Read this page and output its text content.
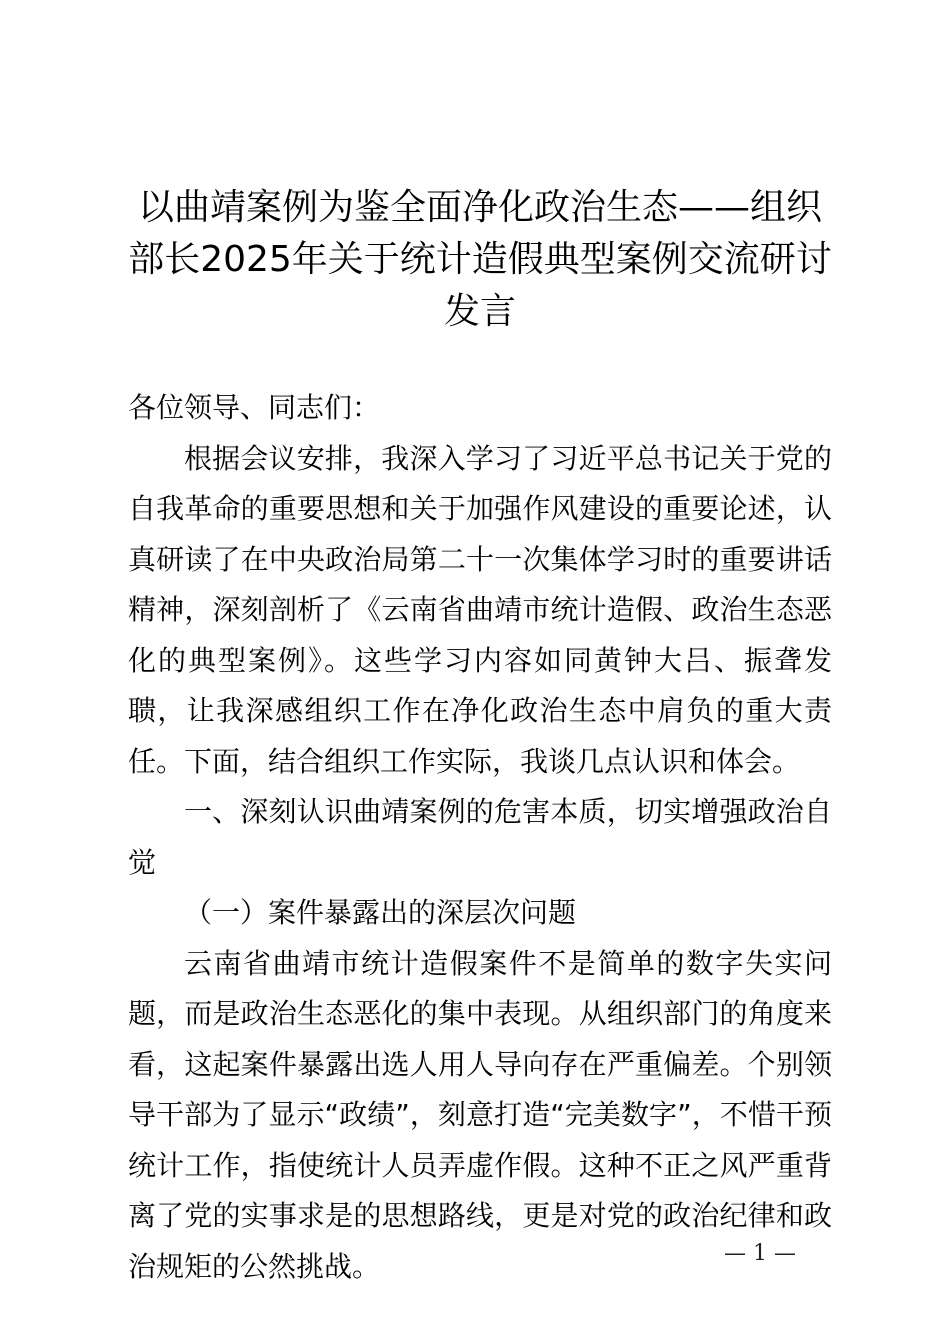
以曲靖案例为鉴全面净化政治生态——组织部长2025年关于统计造假典型案例交流研讨发言

各位领导、同志们：

根据会议安排，我深入学习了习近平总书记关于党的自我革命的重要思想和关于加强作风建设的重要论述，认真研读了在中央政治局第二十一次集体学习时的重要讲话精神，深刻剖析了《云南省曲靖市统计造假、政治生态恶化的典型案例》。这些学习内容如同黄钟大吕、振聋发聩，让我深感组织工作在净化政治生态中肩负的重大责任。下面，结合组织工作实际，我谈几点认识和体会。

一、深刻认识曲靖案例的危害本质，切实增强政治自觉

（一）案件暴露出的深层次问题

云南省曲靖市统计造假案件不是简单的数字失实问题，而是政治生态恶化的集中表现。从组织部门的角度来看，这起案件暴露出选人用人导向存在严重偏差。个别领导干部为了显示“政绩”，刻意打造“完美数字”，不惜干预统计工作，指使统计人员弄虚作假。这种不正之风严重背离了党的实事求是的思想路线，更是对党的政治纪律和政治规矩的公然挑战。	— 1 —
